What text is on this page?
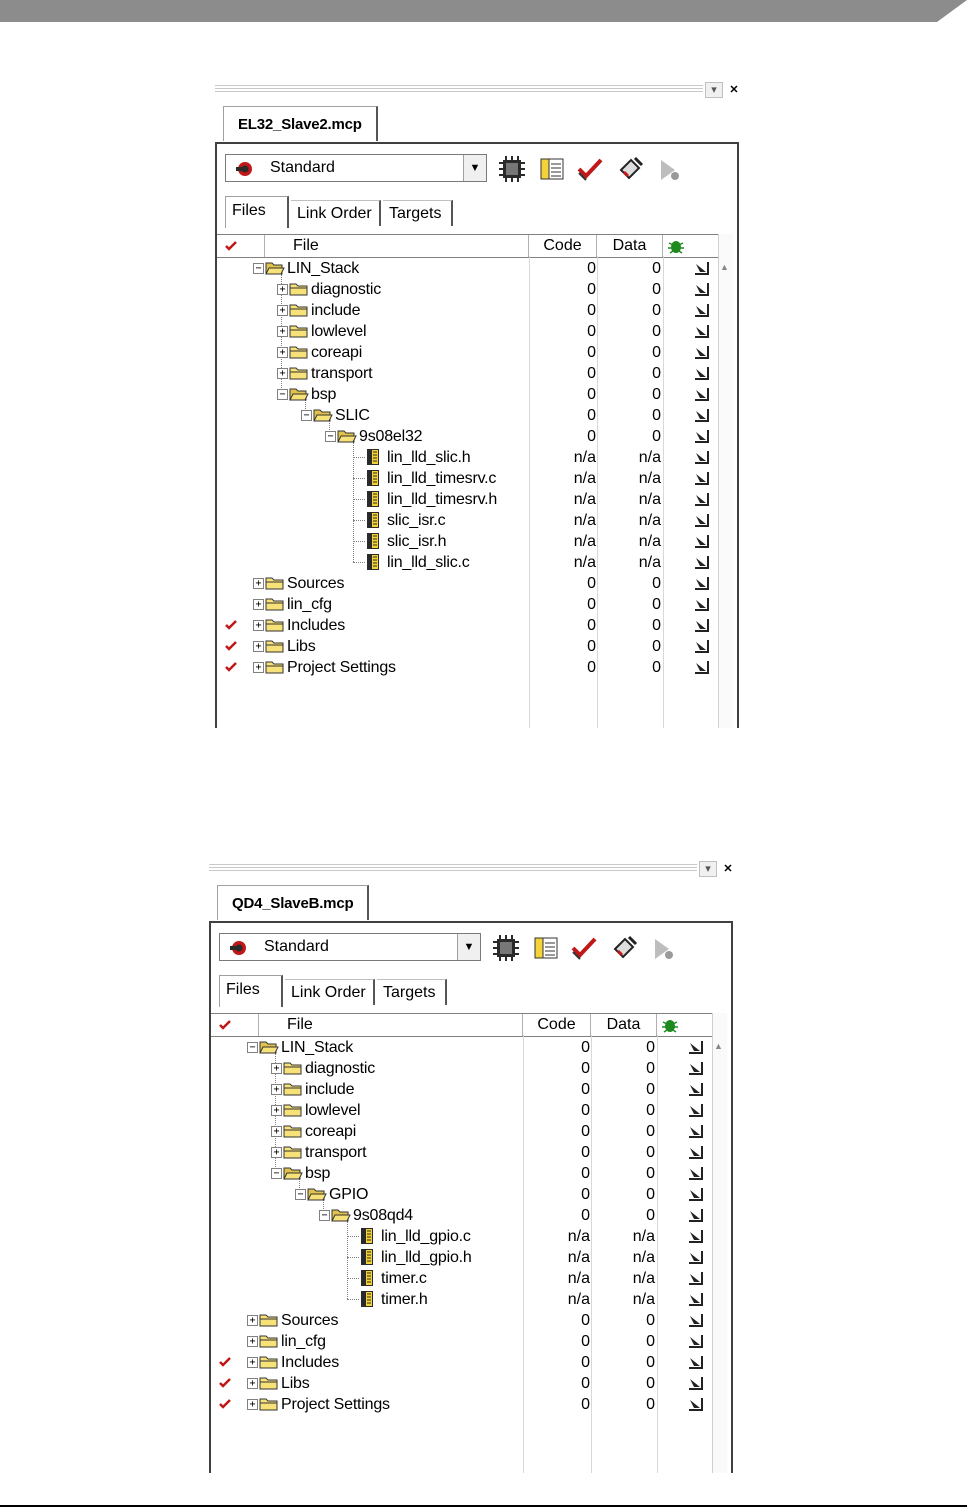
▾	✕
EL32_Slave2.mcp
Standard	▼
Files	Link Order	Targets
File	Code	Data
▲
− LIN_Stack	0	0
+ diagnostic	0	0
+ include	0	0
+ lowlevel	0	0
+ coreapi	0	0
+ transport	0	0
− bsp	0	0
− SLIC	0	0
− 9s08el32	0	0
lin_lld_slic.h	n/a	n/a
lin_lld_timesrv.c	n/a	n/a
lin_lld_timesrv.h	n/a	n/a
slic_isr.c	n/a	n/a
slic_isr.h	n/a	n/a
lin_lld_slic.c	n/a	n/a
+ Sources	0	0
+ lin_cfg	0	0
+ Includes	0	0
+ Libs	0	0
+ Project Settings	0	0
▾	✕
QD4_SlaveB.mcp
Standard	▼
Files	Link Order	Targets
File	Code	Data
▲
− LIN_Stack	0	0
+ diagnostic	0	0
+ include	0	0
+ lowlevel	0	0
+ coreapi	0	0
+ transport	0	0
− bsp	0	0
− GPIO	0	0
− 9s08qd4	0	0
lin_lld_gpio.c	n/a	n/a
lin_lld_gpio.h	n/a	n/a
timer.c	n/a	n/a
timer.h	n/a	n/a
+ Sources	0	0
+ lin_cfg	0	0
+ Includes	0	0
+ Libs	0	0
+ Project Settings	0	0
